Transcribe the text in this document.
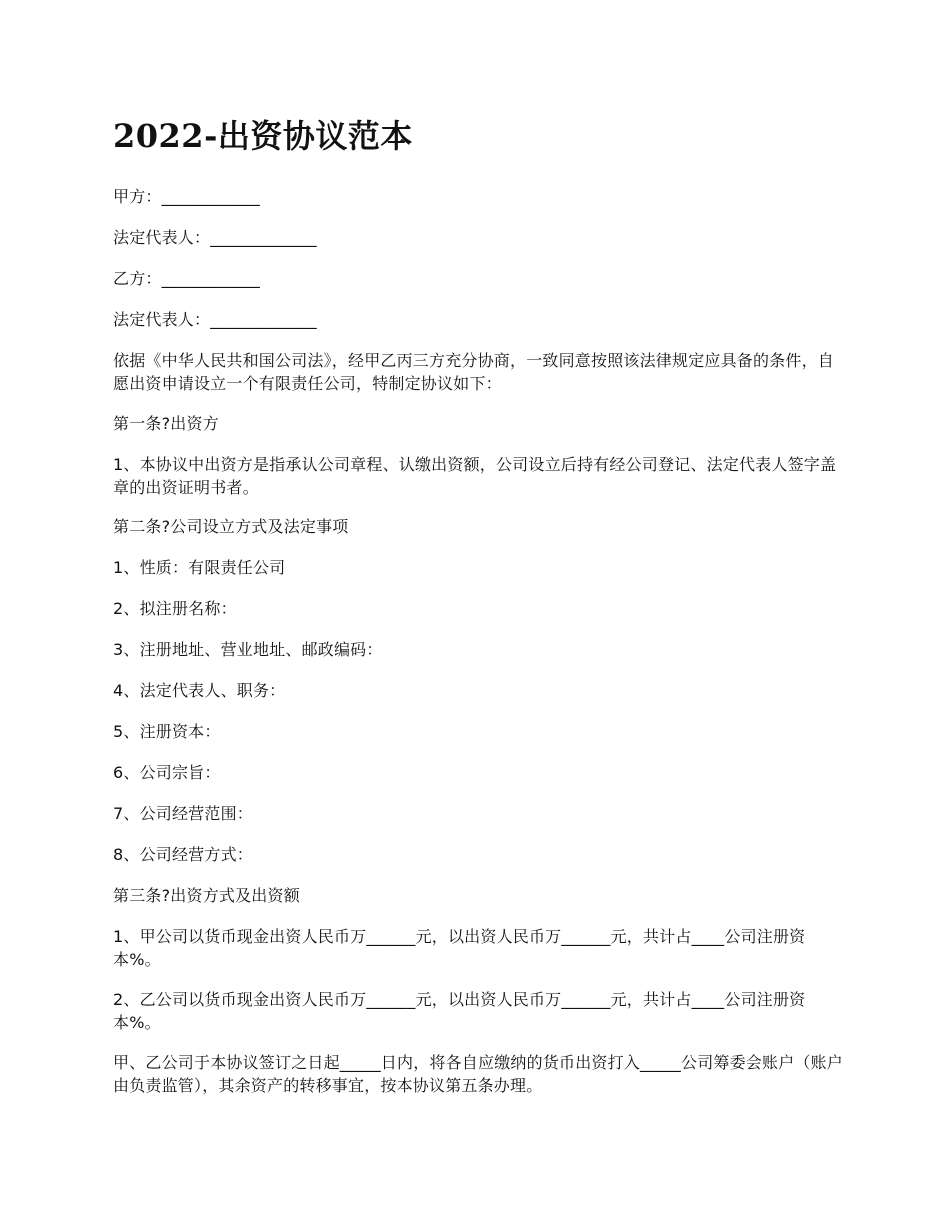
2022-出资协议范本

甲方：____________

法定代表人：_____________

乙方：____________

法定代表人：_____________

依据《中华人民共和国公司法》，经甲乙丙三方充分协商，一致同意按照该法律规定应具备的条件，自愿出资申请设立一个有限责任公司，特制定协议如下：

第一条?出资方

1、本协议中出资方是指承认公司章程、认缴出资额，公司设立后持有经公司登记、法定代表人签字盖章的出资证明书者。

第二条?公司设立方式及法定事项

1、性质：有限责任公司

2、拟注册名称：

3、注册地址、营业地址、邮政编码：

4、法定代表人、职务：

5、注册资本：

6、公司宗旨：

7、公司经营范围：

8、公司经营方式：

第三条?出资方式及出资额

1、甲公司以货币现金出资人民币万______元，以出资人民币万______元，共计占____公司注册资本%。

2、乙公司以货币现金出资人民币万______元，以出资人民币万______元，共计占____公司注册资本%。

甲、乙公司于本协议签订之日起_____日内，将各自应缴纳的货币出资打入_____公司筹委会账户（账户由负责监管），其余资产的转移事宜，按本协议第五条办理。
